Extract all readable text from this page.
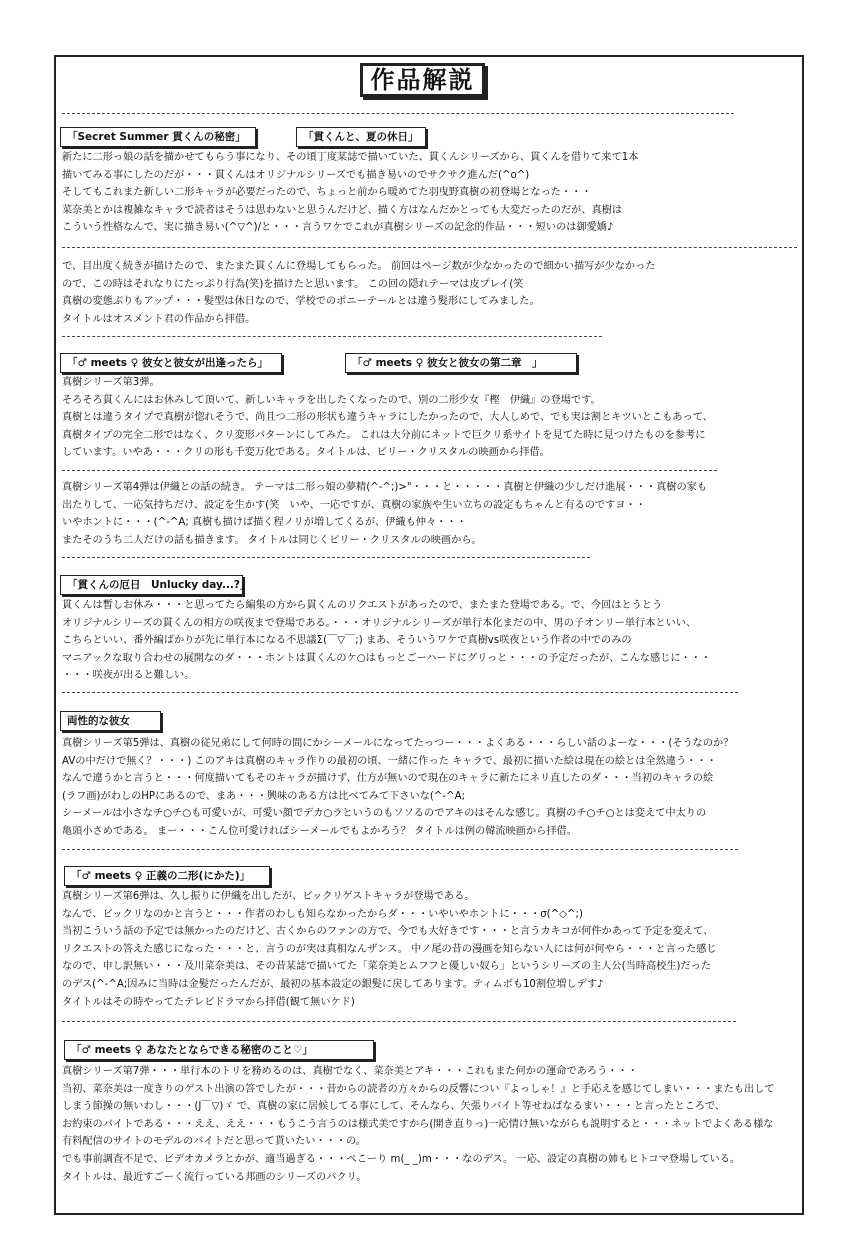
作品解説
「Secret Summer 貫くんの秘密」	「貫くんと、夏の休日」
新たに二形っ娘の話を描かせてもらう事になり、その頃丁度某誌で描いていた、貫くんシリーズから、貫くんを借りて来て1本
描いてみる事にしたのだが・・・貫くんはオリジナルシリーズでも描き易いのでサクサク進んだ(^o^)
そしてもこれまた新しい二形キャラが必要だったので、ちょっと前から暖めてた羽曳野真樹の初登場となった・・・
菜奈美とかは複雑なキャラで読者はそうは思わないと思うんだけど、描く方はなんだかとっても大変だったのだが、真樹は
こういう性格なんで、実に描き易い(^▽^)/と・・・言うワケでこれが真樹シリーズの記念的作品・・・短いのは御愛嬌♪
で、目出度く続きが描けたので、またまた貫くんに登場してもらった。 前回はページ数が少なかったので細かい描写が少なかった
ので、この時はそれなりにたっぷり行為(笑)を描けたと思います。 この回の隠れテーマは皮プレイ(笑
真樹の変態ぶりもアップ・・・髪型は休日なので、学校でのポニーテールとは違う髪形にしてみました。
タイトルはオスメント君の作品から拝借。
「♂ meets ♀ 彼女と彼女が出逢ったら」	「♂ meets ♀ 彼女と彼女の第二章　」
真樹シリーズ第3弾。
そろそろ貫くんにはお休みして頂いて、新しいキャラを出したくなったので、別の二形少女『樫　伊織』の登場です。
真樹とは違うタイプで真樹が惚れそうで、尚且つ二形の形状も違うキャラにしたかったので、大人しめで、でも実は割とキツいとこもあって、
真樹タイプの完全二形ではなく、クリ変形パターンにしてみた。 これは大分前にネットで巨クリ系サイトを見てた時に見つけたものを参考に
しています。いやあ・・・クリの形も千変万化である。タイトルは、ビリー・クリスタルの映画から拝借。
真樹シリーズ第4弾は伊織との話の続き。 テーマは二形っ娘の夢精(^-^;)>"・・・と・・・・・真樹と伊織の少しだけ進展・・・真樹の家も
出たりして、一応気持ちだけ、設定を生かす(笑　いや、一応ですが、真樹の家族や生い立ちの設定もちゃんと有るのですヨ・・
いやホントに・・・(^-^A; 真樹も描けば描く程ノリが増してくるが、伊織も仲々・・・
またそのうち二人だけの話も描きます。 タイトルは同じくビリー・クリスタルの映画から。
「貫くんの厄日　Unlucky day...?」
貫くんは暫しお休み・・・と思ってたら編集の方から貫くんのリクエストがあったので、またまた登場である。で、今回はとうとう
オリジナルシリーズの貫くんの相方の咲夜まで登場である。・・・オリジナルシリーズが単行本化まだの中、男の子オンリー単行本といい、
こちらといい、番外編ばかりが先に単行本になる不思議Σ(￣▽￣;) まあ、そういうワケで真樹vs咲夜という作者の中でのみの
マニアックな取り合わせの展開なのダ・・・ホントは貫くんのケ○はもっとごーハードにグリっと・・・の予定だったが、こんな感じに・・・
・・・咲夜が出ると難しい。
両性的な彼女
真樹シリーズ第5弾は、真樹の従兄弟にして何時の間にかシーメールになってたっつー・・・よくある・・・らしい話のよーな・・・(そうなのか？
AVの中だけで無く？・・・) このアキは真樹のキャラ作りの最初の頃、一緒に作った キャラで、最初に描いた絵は現在の絵とは全然違う・・・
なんで違うかと言うと・・・何度描いてもそのキャラが描けず、仕方が無いので現在のキャラに新たにネリ直したのダ・・・当初のキャラの絵
(ラフ画)がわしのHPにあるので、まあ・・・興味のある方は比べてみて下さいな(^-^A;
シーメールは小さなチ○チ○も可愛いが、可愛い顔でデカ○ラというのもソソるのでアキのはそんな感じ。真樹のチ○チ○とは変えて中太りの
亀頭小さめである。 まー・・・こん位可愛ければシーメールでもよかろう？ タイトルは例の韓流映画から拝借。
「♂ meets ♀ 正義の二形(にかた)」
真樹シリーズ第6弾は、久し振りに伊織を出したが、ビックリゲストキャラが登場である。
なんで、ビックリなのかと言うと・・・作者のわしも知らなかったからダ・・・いやいやホントに・・・σ(^◇^;)
当初こういう話の予定では無かったのだけど、古くからのファンの方で、今でも大好きです・・・と言うカキコが何件かあって予定を変えて、
リクエストの答えた感じになった・・・と、言うのが実は真相なんザンス。 中ノ尾の昔の漫画を知らない人には何が何やら・・・と言った感じ
なので、申し訳無い・・・及川菜奈美は、その昔某誌で描いてた「菜奈美とムフフと優しい奴ら」というシリーズの主人公(当時高校生)だった
のデス(^-^A;因みに当時は金髪だったんだが、最初の基本設定の銀髪に戻してあります。ティムポも10割位増しデす♪
タイトルはその時やってたテレビドラマから拝借(観て無いケド)
「♂ meets ♀ あなたとならできる秘密のこと♡」
真樹シリーズ第7弾・・・単行本のトリを務めるのは、真樹でなく、菜奈美とアキ・・・これもまた何かの運命であろう・・・
当初、菜奈美は一度きりのゲスト出演の答でしたが・・・昔からの読者の方々からの反響につい『よっしゃ！』と手応えを感じてしまい・・・またも出して
しまう節操の無いわし・・・(J￣▽)ゞ で、真樹の家に居候してる事にして、そんなら、矢張りバイト等せねばなるまい・・・と言ったところで、
お約束のバイトである・・・ええ、ええ・・・もうこう言うのは様式美ですから(開き直りっ)一応情け無いながらも説明すると・・・ネットでよくある様な
有料配信のサイトのモデルのバイトだと思って貰いたい・・・の。
でも事前調査不足で、ビデオカメラとかが、適当過ぎる・・・ぺこーり m(_ _)m・・・なのデス。 一応、設定の真樹の姉もヒトコマ登場している。
タイトルは、最近すごーく流行っている邦画のシリーズのパクリ。
